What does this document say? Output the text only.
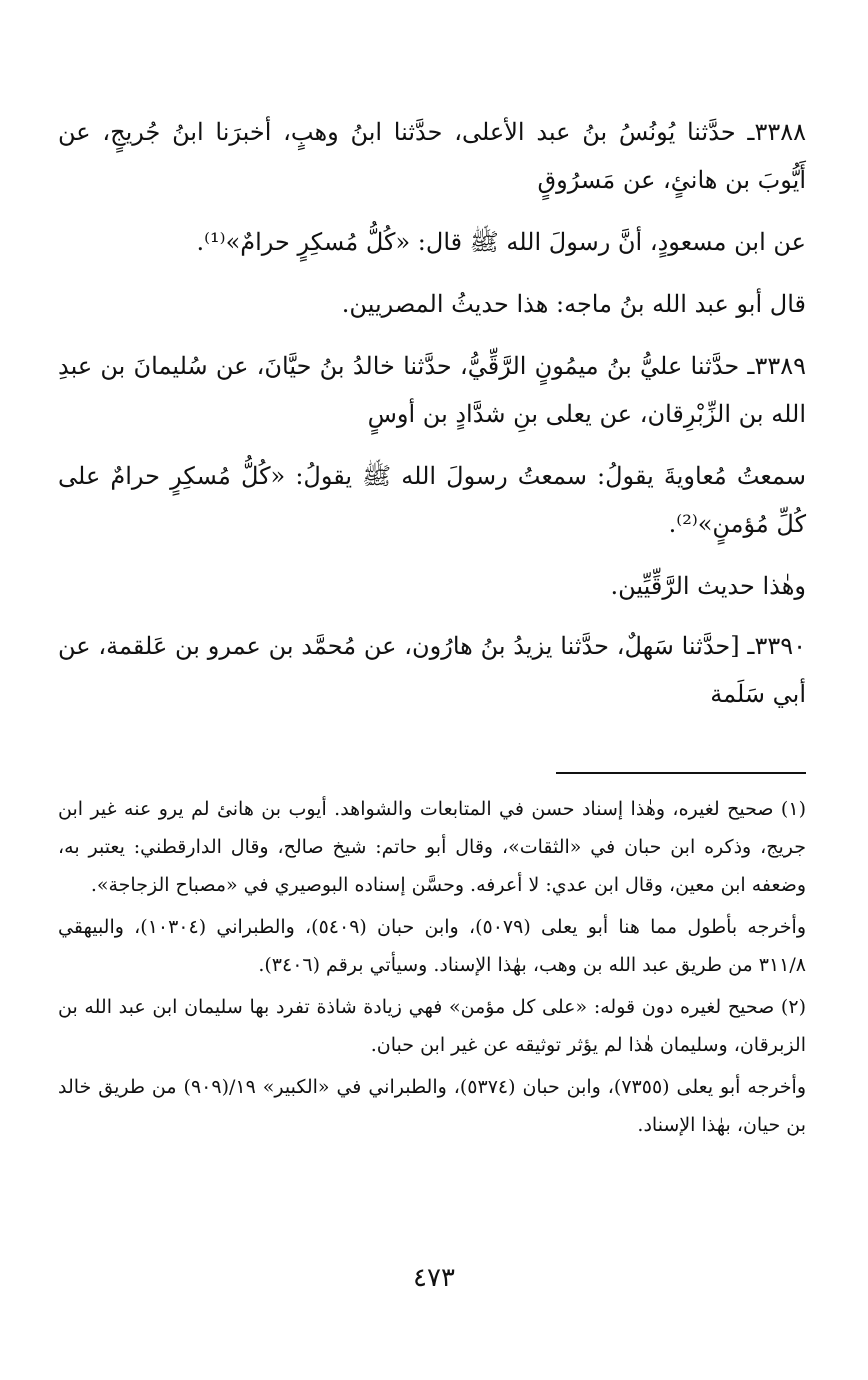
٣٣٨٨ـ حدَّثنا يُونُسُ بنُ عبد الأعلى، حدَّثنا ابنُ وهبٍ، أخبرَنا ابنُ جُريجٍ، عن أَيُّوبَ بن هانئٍ، عن مَسرُوقٍ

عن ابن مسعودٍ، أنَّ رسولَ الله ﷺ قال: «كُلُّ مُسكِرٍ حرامٌ»⁽¹⁾.

قال أبو عبد الله بنُ ماجه: هذا حديثُ المصريين.

٣٣٨٩ـ حدَّثنا عليُّ بنُ ميمُونٍ الرَّقِّيُّ، حدَّثنا خالدُ بنُ حيَّانَ، عن سُليمانَ بن عبدِ الله بن الزِّبْرِقان، عن يعلى بنِ شدَّادٍ بن أوسٍ

سمعتُ مُعاويةَ يقولُ: سمعتُ رسولَ الله ﷺ يقولُ: «كُلُّ مُسكِرٍ حرامٌ على كُلِّ مُؤمنٍ»⁽²⁾.

وهٰذا حديث الرَّقِّيِّين.

٣٣٩٠ـ [حدَّثنا سَهلٌ، حدَّثنا يزيدُ بنُ هارُون، عن مُحمَّد بن عمرو بن عَلقمة، عن أبي سَلَمة

(١) صحيح لغيره، وهٰذا إسناد حسن في المتابعات والشواهد. أيوب بن هانئ لم يرو عنه غير ابن جريج، وذكره ابن حبان في «الثقات»، وقال أبو حاتم: شيخ صالح، وقال الدارقطني: يعتبر به، وضعفه ابن معين، وقال ابن عدي: لا أعرفه. وحسَّن إسناده البوصيري في «مصباح الزجاجة».

وأخرجه بأطول مما هنا أبو يعلى (٥٠٧٩)، وابن حبان (٥٤٠٩)، والطبراني (١٠٣٠٤)، والبيهقي ٣١١/٨ من طريق عبد الله بن وهب، بهٰذا الإسناد. وسيأتي برقم (٣٤٠٦).

(٢) صحيح لغيره دون قوله: «على كل مؤمن» فهي زيادة شاذة تفرد بها سليمان ابن عبد الله بن الزبرقان، وسليمان هٰذا لم يؤثر توثيقه عن غير ابن حبان.

وأخرجه أبو يعلى (٧٣٥٥)، وابن حبان (٥٣٧٤)، والطبراني في «الكبير» ١٩/(٩٠٩) من طريق خالد بن حيان، بهٰذا الإسناد.

٤٧٣
